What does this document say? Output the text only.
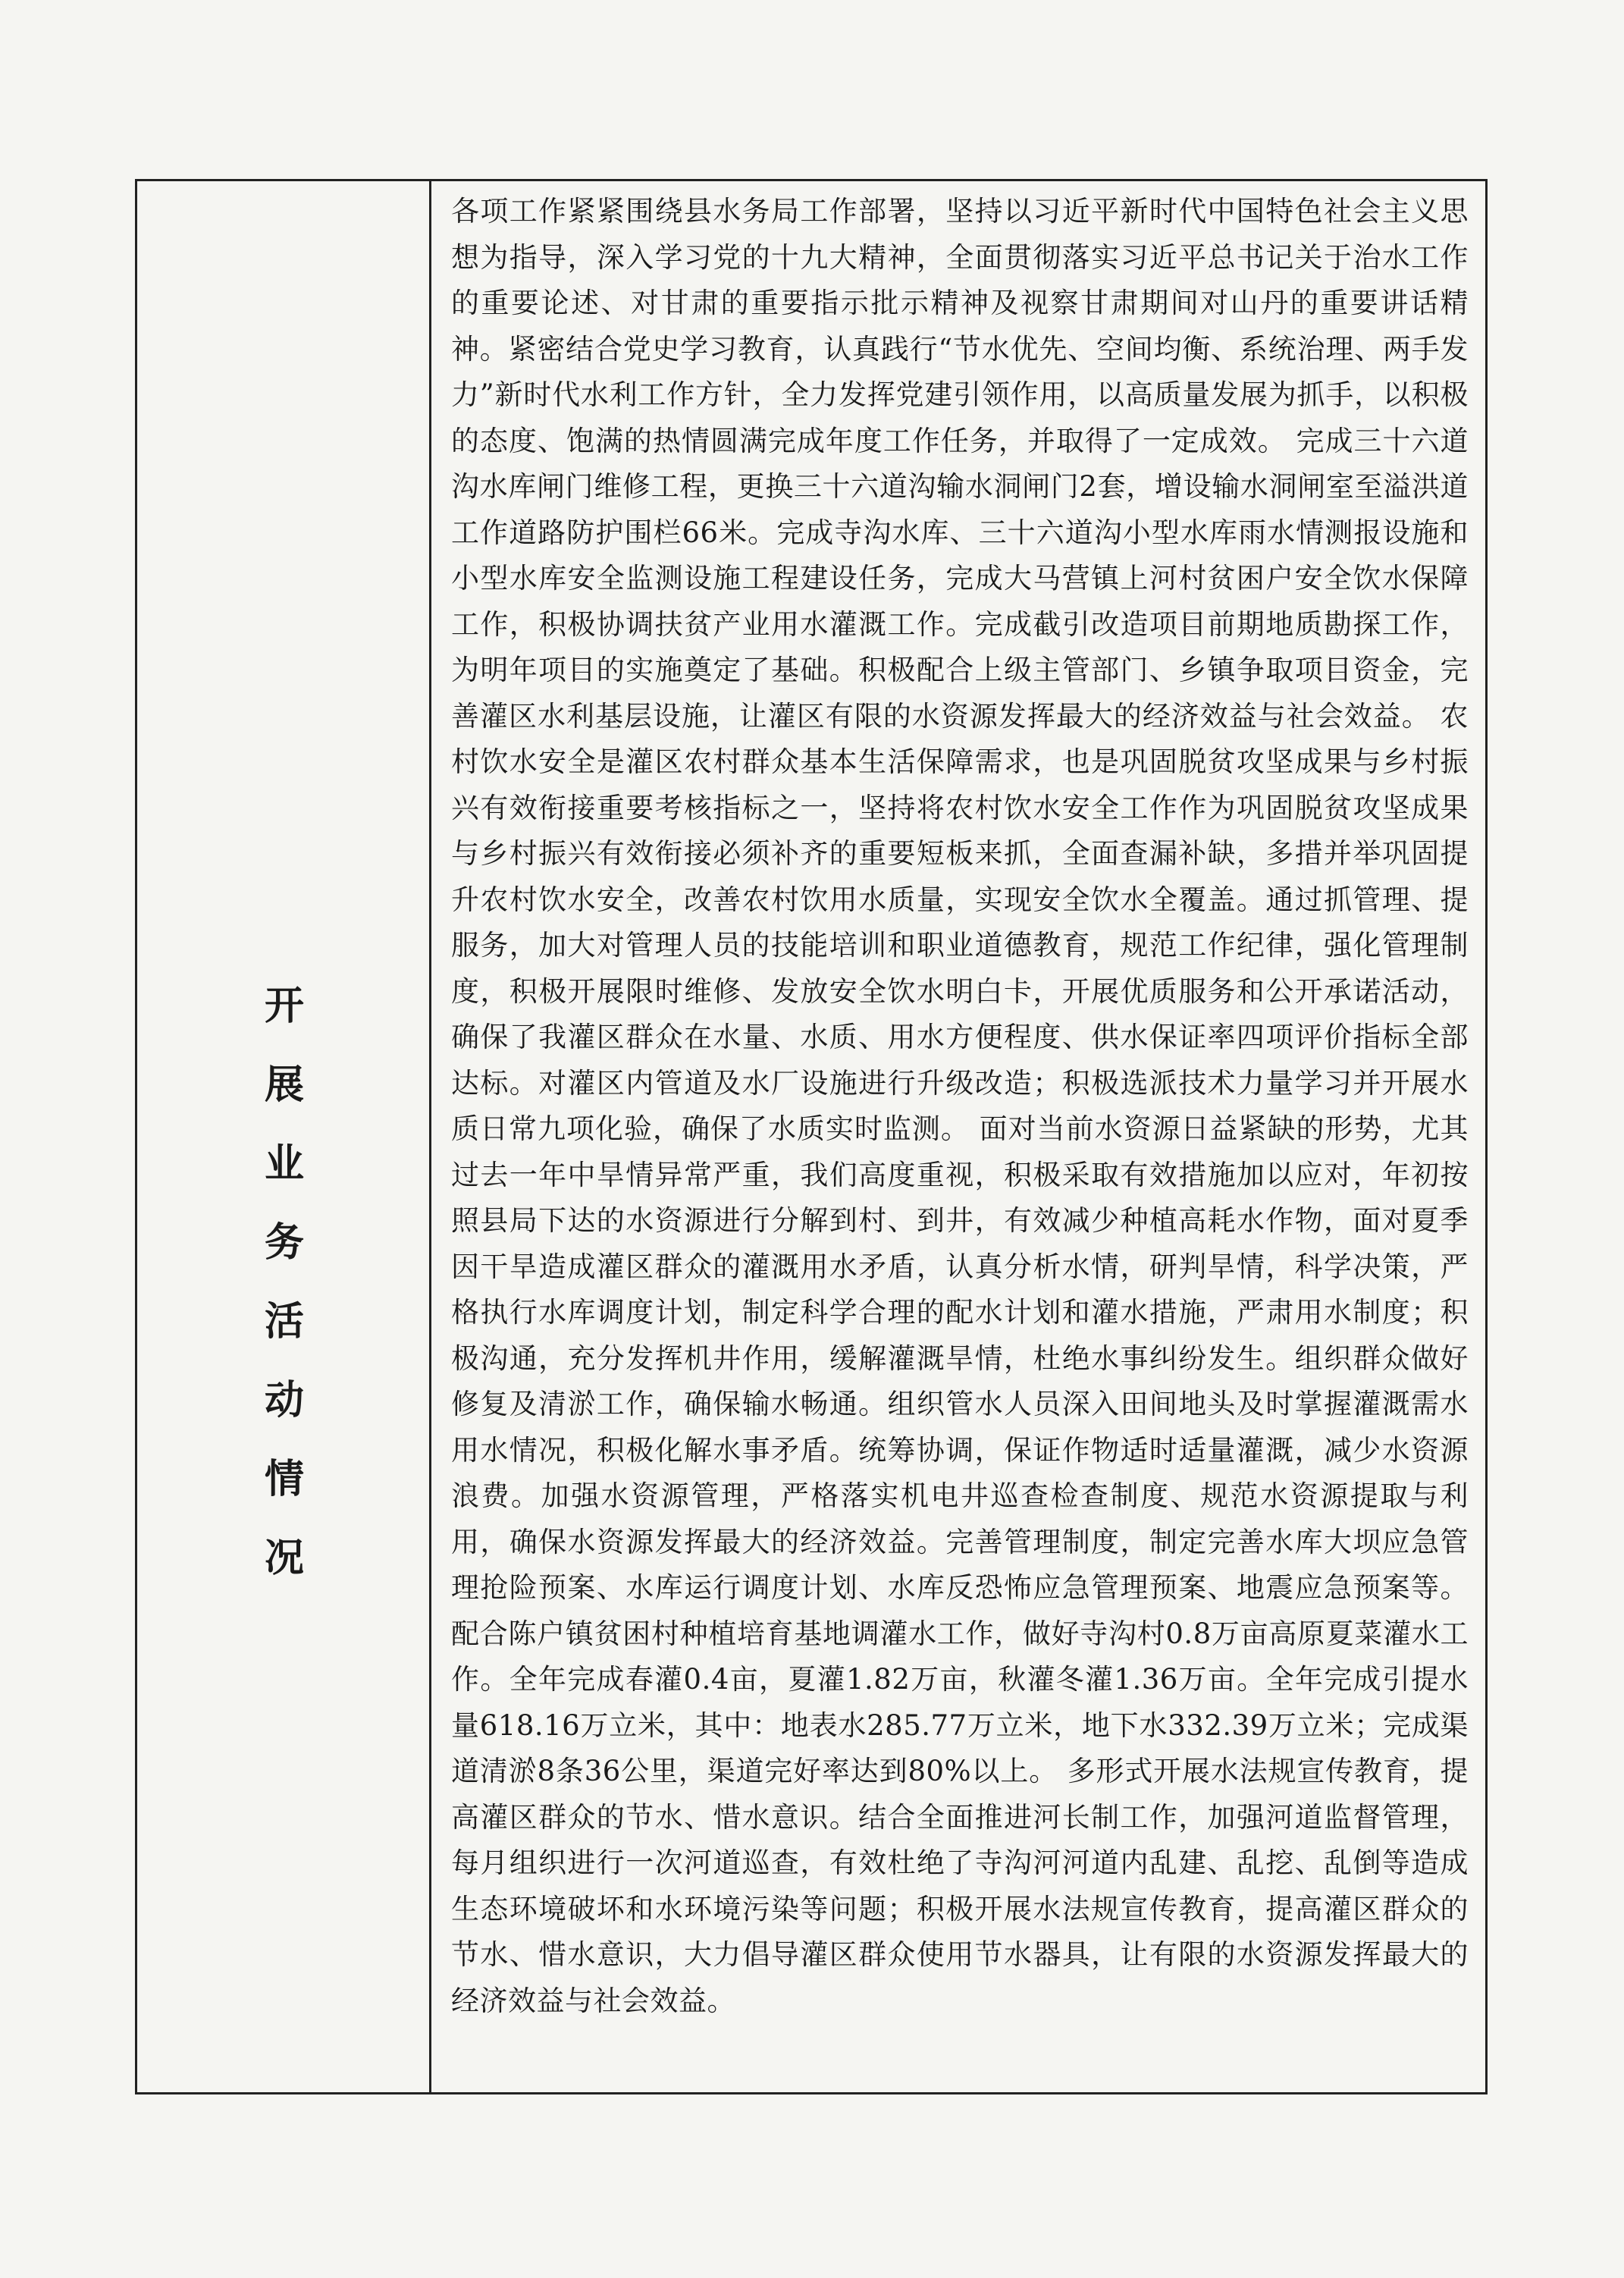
开
展
业
务
活
动
情
况

各项工作紧紧围绕县水务局工作部署，坚持以习近平新时代中国特色社会主义思想为指导，深入学习党的十九大精神，全面贯彻落实习近平总书记关于治水工作的重要论述、对甘肃的重要指示批示精神及视察甘肃期间对山丹的重要讲话精神。紧密结合党史学习教育，认真践行“节水优先、空间均衡、系统治理、两手发力”新时代水利工作方针，全力发挥党建引领作用，以高质量发展为抓手，以积极的态度、饱满的热情圆满完成年度工作任务，并取得了一定成效。 完成三十六道沟水库闸门维修工程，更换三十六道沟输水洞闸门2套，增设输水洞闸室至溢洪道工作道路防护围栏66米。完成寺沟水库、三十六道沟小型水库雨水情测报设施和小型水库安全监测设施工程建设任务，完成大马营镇上河村贫困户安全饮水保障工作，积极协调扶贫产业用水灌溉工作。完成截引改造项目前期地质勘探工作，为明年项目的实施奠定了基础。积极配合上级主管部门、乡镇争取项目资金，完善灌区水利基层设施，让灌区有限的水资源发挥最大的经济效益与社会效益。 农村饮水安全是灌区农村群众基本生活保障需求，也是巩固脱贫攻坚成果与乡村振兴有效衔接重要考核指标之一，坚持将农村饮水安全工作作为巩固脱贫攻坚成果与乡村振兴有效衔接必须补齐的重要短板来抓，全面查漏补缺，多措并举巩固提升农村饮水安全，改善农村饮用水质量，实现安全饮水全覆盖。通过抓管理、提服务，加大对管理人员的技能培训和职业道德教育，规范工作纪律，强化管理制度，积极开展限时维修、发放安全饮水明白卡，开展优质服务和公开承诺活动，确保了我灌区群众在水量、水质、用水方便程度、供水保证率四项评价指标全部达标。对灌区内管道及水厂设施进行升级改造；积极选派技术力量学习并开展水质日常九项化验，确保了水质实时监测。 面对当前水资源日益紧缺的形势，尤其过去一年中旱情异常严重，我们高度重视，积极采取有效措施加以应对，年初按照县局下达的水资源进行分解到村、到井，有效减少种植高耗水作物，面对夏季因干旱造成灌区群众的灌溉用水矛盾，认真分析水情，研判旱情，科学决策，严格执行水库调度计划，制定科学合理的配水计划和灌水措施，严肃用水制度；积极沟通，充分发挥机井作用，缓解灌溉旱情，杜绝水事纠纷发生。组织群众做好修复及清淤工作，确保输水畅通。组织管水人员深入田间地头及时掌握灌溉需水用水情况，积极化解水事矛盾。统筹协调，保证作物适时适量灌溉，减少水资源浪费。加强水资源管理，严格落实机电井巡查检查制度、规范水资源提取与利用，确保水资源发挥最大的经济效益。完善管理制度，制定完善水库大坝应急管理抢险预案、水库运行调度计划、水库反恐怖应急管理预案、地震应急预案等。配合陈户镇贫困村种植培育基地调灌水工作，做好寺沟村0.8万亩高原夏菜灌水工作。全年完成春灌0.4亩，夏灌1.82万亩，秋灌冬灌1.36万亩。全年完成引提水量618.16万立米，其中：地表水285.77万立米，地下水332.39万立米；完成渠道清淤8条36公里，渠道完好率达到80%以上。 多形式开展水法规宣传教育，提高灌区群众的节水、惜水意识。结合全面推进河长制工作，加强河道监督管理，每月组织进行一次河道巡查，有效杜绝了寺沟河河道内乱建、乱挖、乱倒等造成生态环境破坏和水环境污染等问题；积极开展水法规宣传教育，提高灌区群众的节水、惜水意识，大力倡导灌区群众使用节水器具，让有限的水资源发挥最大的经济效益与社会效益。
